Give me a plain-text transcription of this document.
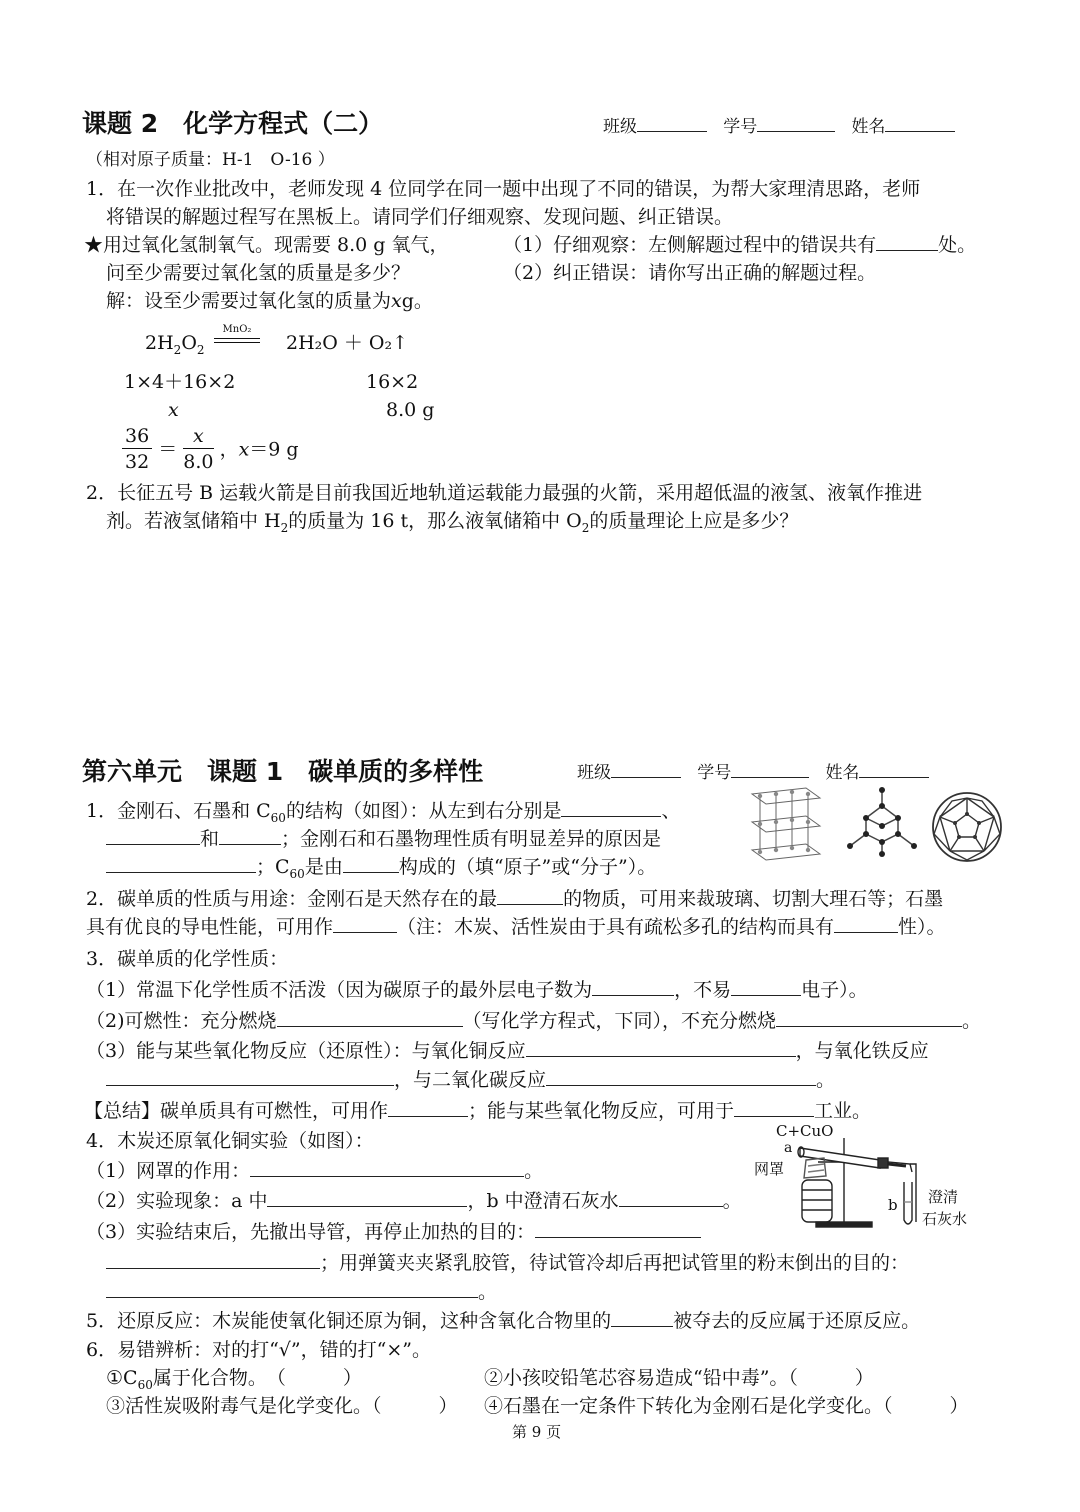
课题 2　化学方程式（二）	班级	学号	姓名
（相对原子质量：H-1　O-16 ）
1．在一次作业批改中，老师发现 4 位同学在同一题中出现了不同的错误，为帮大家理清思路，老师
将错误的解题过程写在黑板上。请同学们仔细观察、发现问题、纠正错误。
★用过氧化氢制氧气。现需要 8.0 g 氧气，
问至少需要过氧化氢的质量是多少？
解：设至少需要过氧化氢的质量为xg。
（1）仔细观察：左侧解题过程中的错误共有	处。
（2）纠正错误：请你写出正确的解题过程。
$2H_2O_2$
MnO₂
2H₂O ＋ O₂↑
1×4＋16×2	16×2
x	8.0 g
$\frac{36}{32} = \frac{x}{8.0}$ ，x＝9 g
2．长征五号 B 运载火箭是目前我国近地轨道运载能力最强的火箭，采用超低温的液氢、液氧作推进
剂。若液氢储箱中 $H_2$的质量为 16 t，那么液氧储箱中 $O_2$的质量理论上应是多少？
第六单元　课题 1　碳单质的多样性	班级	学号	姓名
1．金刚石、石墨和 $C_{60}$的结构（如图）：从左到右分别是	、
和	；金刚石和石墨物理性质有明显差异的原因是
；$C_{60}$是由	构成的（填“原子”或“分子”）。
2．碳单质的性质与用途：金刚石是天然存在的最	的物质，可用来裁玻璃、切割大理石等；石墨
具有优良的导电性能，可用作	（注：木炭、活性炭由于具有疏松多孔的结构而具有	性）。
3．碳单质的化学性质：
（1）常温下化学性质不活泼（因为碳原子的最外层电子数为	，不易	电子）。
（2)可燃性：充分燃烧	（写化学方程式，下同），不充分燃烧	。
（3）能与某些氧化物反应（还原性）：与氧化铜反应	，与氧化铁反应
，与二氧化碳反应	。
【总结】碳单质具有可燃性，可用作	；能与某些氧化物反应，可用于	工业。
4．木炭还原氧化铜实验（如图）：
（1）网罩的作用：	。
（2）实验现象：a 中	，b 中澄清石灰水	。
（3）实验结束后，先撤出导管，再停止加热的目的：
；用弹簧夹夹紧乳胶管，待试管冷却后再把试管里的粉末倒出的目的：
。
C+CuO
a
网罩
b 澄清
石灰水
5．还原反应：木炭能使氧化铜还原为铜，这种含氧化合物里的	被夺去的反应属于还原反应。
6．易错辨析：对的打“√”，错的打“×”。
$①C_{60}$属于化合物。　（　　　）	②小孩咬铅笔芯容易造成“铅中毒”。（　　　）
③活性炭吸附毒气是化学变化。（　　　） ④石墨在一定条件下转化为金刚石是化学变化。（　　　）
第 9 页
